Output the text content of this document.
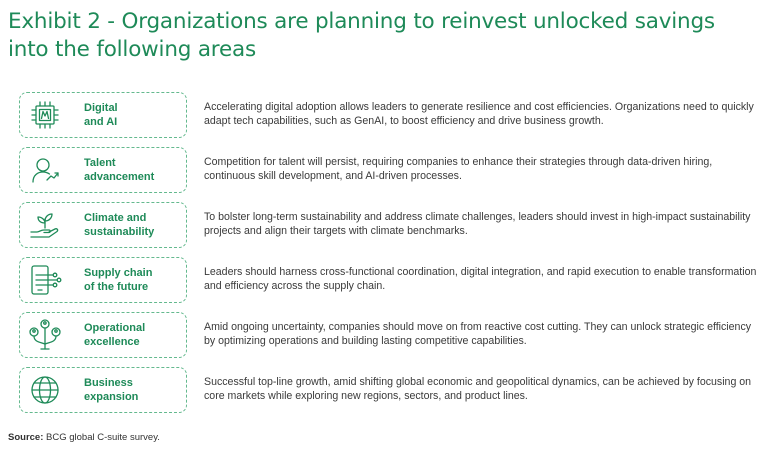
Exhibit 2 - Organizations are planning to reinvest unlocked savings into the following areas
Digital
and AI
Accelerating digital adoption allows leaders to generate resilience and cost efficiencies. Organizations need to quickly adapt tech capabilities, such as GenAI, to boost efficiency and drive business growth.
Talent
advancement
Competition for talent will persist, requiring companies to enhance their strategies through data-driven hiring, continuous skill development, and AI-driven processes.
Climate and
sustainability
To bolster long-term sustainability and address climate challenges, leaders should invest in high-impact sustainability projects and align their targets with climate benchmarks.
Supply chain
of the future
Leaders should harness cross-functional coordination, digital integration, and rapid execution to enable transformation and efficiency across the supply chain.
Operational
excellence
Amid ongoing uncertainty, companies should move on from reactive cost cutting. They can unlock strategic efficiency by optimizing operations and building lasting competitive capabilities.
Business
expansion
Successful top-line growth, amid shifting global economic and geopolitical dynamics, can be achieved by focusing on core markets while exploring new regions, sectors, and product lines.
Source: BCG global C-suite survey.
